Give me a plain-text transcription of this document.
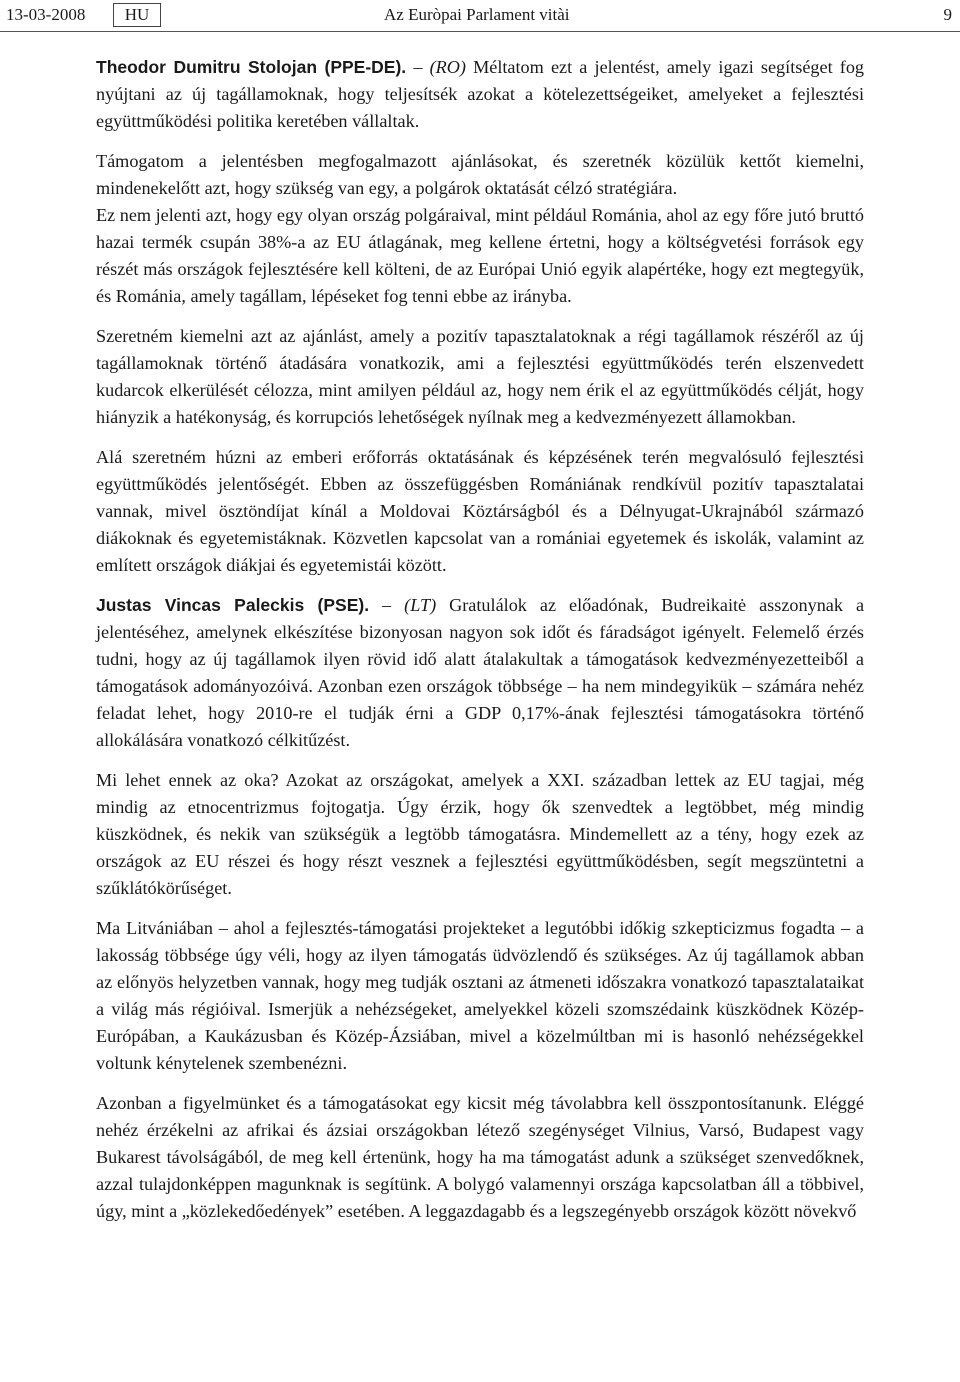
13-03-2008	HU	Az Euròpai Parlament vitài	9

Theodor Dumitru Stolojan (PPE-DE). – (RO) Méltatom ezt a jelentést, amely igazi segítséget fog nyújtani az új tagállamoknak, hogy teljesítsék azokat a kötelezettségeiket, amelyeket a fejlesztési együttműködési politika keretében vállaltak.

Támogatom a jelentésben megfogalmazott ajánlásokat, és szeretnék közülük kettőt kiemelni, mindenekelőtt azt, hogy szükség van egy, a polgárok oktatását célzó stratégiára.

Ez nem jelenti azt, hogy egy olyan ország polgáraival, mint például Románia, ahol az egy főre jutó bruttó hazai termék csupán 38%-a az EU átlagának, meg kellene értetni, hogy a költségvetési források egy részét más országok fejlesztésére kell költeni, de az Európai Unió egyik alapértéke, hogy ezt megtegyük, és Románia, amely tagállam, lépéseket fog tenni ebbe az irányba.

Szeretném kiemelni azt az ajánlást, amely a pozitív tapasztalatoknak a régi tagállamok részéről az új tagállamoknak történő átadására vonatkozik, ami a fejlesztési együttműködés terén elszenvedett kudarcok elkerülését célozza, mint amilyen például az, hogy nem érik el az együttműködés célját, hogy hiányzik a hatékonyság, és korrupciós lehetőségek nyílnak meg a kedvezményezett államokban.

Alá szeretném húzni az emberi erőforrás oktatásának és képzésének terén megvalósuló fejlesztési együttműködés jelentőségét. Ebben az összefüggésben Romániának rendkívül pozitív tapasztalatai vannak, mivel ösztöndíjat kínál a Moldovai Köztárságból és a Délnyugat-Ukrajnából származó diákoknak és egyetemistáknak. Közvetlen kapcsolat van a romániai egyetemek és iskolák, valamint az említett országok diákjai és egyetemistái között.

Justas Vincas Paleckis (PSE). – (LT) Gratulálok az előadónak, Budreikaitė asszonynak a jelentéséhez, amelynek elkészítése bizonyosan nagyon sok időt és fáradságot igényelt. Felemelő érzés tudni, hogy az új tagállamok ilyen rövid idő alatt átalakultak a támogatások kedvezményezetteiből a támogatások adományozóivá. Azonban ezen országok többsége – ha nem mindegyikük – számára nehéz feladat lehet, hogy 2010-re el tudják érni a GDP 0,17%-ának fejlesztési támogatásokra történő allokálására vonatkozó célkitűzést.

Mi lehet ennek az oka? Azokat az országokat, amelyek a XXI. században lettek az EU tagjai, még mindig az etnocentrizmus fojtogatja. Úgy érzik, hogy ők szenvedtek a legtöbbet, még mindig küszködnek, és nekik van szükségük a legtöbb támogatásra. Mindemellett az a tény, hogy ezek az országok az EU részei és hogy részt vesznek a fejlesztési együttműködésben, segít megszüntetni a szűklátókörűséget.

Ma Litvániában – ahol a fejlesztés-támogatási projekteket a legutóbbi időkig szkepticizmus fogadta – a lakosság többsége úgy véli, hogy az ilyen támogatás üdvözlendő és szükséges. Az új tagállamok abban az előnyös helyzetben vannak, hogy meg tudják osztani az átmeneti időszakra vonatkozó tapasztalataikat a világ más régióival. Ismerjük a nehézségeket, amelyekkel közeli szomszédaink küszködnek Közép-Európában, a Kaukázusban és Közép-Ázsiában, mivel a közelmúltban mi is hasonló nehézségekkel voltunk kénytelenek szembenézni.

Azonban a figyelmünket és a támogatásokat egy kicsit még távolabbra kell összpontosítanunk. Eléggé nehéz érzékelni az afrikai és ázsiai országokban létező szegénységet Vilnius, Varsó, Budapest vagy Bukarest távolságából, de meg kell értenünk, hogy ha ma támogatást adunk a szükséget szenvedőknek, azzal tulajdonképpen magunknak is segítünk. A bolygó valamennyi országa kapcsolatban áll a többivel, úgy, mint a „közlekedőedények” esetében. A leggazdagabb és a legszegényebb országok között növekvő
